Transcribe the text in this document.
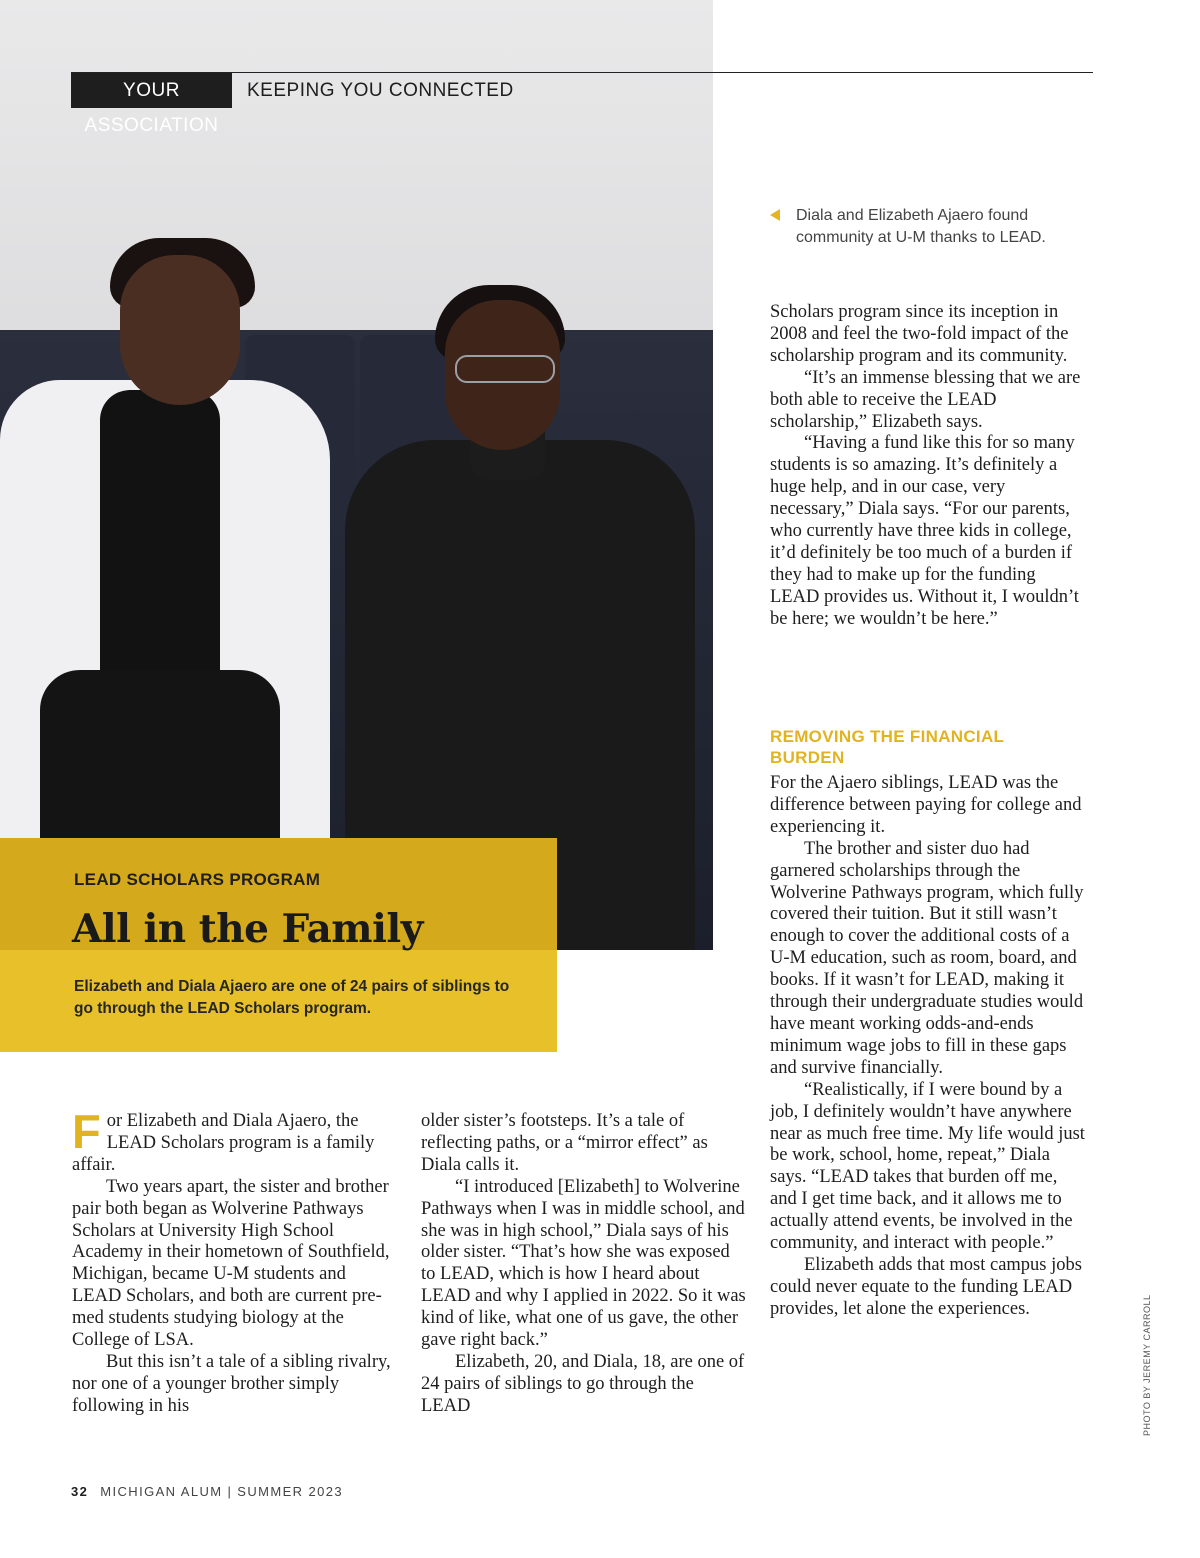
YOUR ASSOCIATION
KEEPING YOU CONNECTED
Diala and Elizabeth Ajaero found community at U-M thanks to LEAD.
LEAD SCHOLARS PROGRAM
All in the Family
Elizabeth and Diala Ajaero are one of 24 pairs of siblings to go through the LEAD Scholars program.
F or Elizabeth and Diala Ajaero, the LEAD Scholars program is a family affair.

Two years apart, the sister and brother pair both began as Wolverine Pathways Scholars at University High School Academy in their hometown of Southfield, Michigan, became U-M students and LEAD Scholars, and both are current pre-med students studying biology at the College of LSA.

But this isn’t a tale of a sibling rivalry, nor one of a younger brother simply following in his

older sister’s footsteps. It’s a tale of reflecting paths, or a “mirror effect” as Diala calls it.

“I introduced [Elizabeth] to Wolverine Pathways when I was in middle school, and she was in high school,” Diala says of his older sister. “That’s how she was exposed to LEAD, which is how I heard about LEAD and why I applied in 2022. So it was kind of like, what one of us gave, the other gave right back.”

Elizabeth, 20, and Diala, 18, are one of 24 pairs of siblings to go through the LEAD

Scholars program since its inception in 2008 and feel the two-fold impact of the scholarship program and its community.

“It’s an immense blessing that we are both able to receive the LEAD scholarship,” Elizabeth says.

“Having a fund like this for so many students is so amazing. It’s definitely a huge help, and in our case, very necessary,” Diala says. “For our parents, who currently have three kids in college, it’d definitely be too much of a burden if they had to make up for the funding LEAD provides us. Without it, I wouldn’t be here; we wouldn’t be here.”

REMOVING THE FINANCIAL BURDEN

For the Ajaero siblings, LEAD was the difference between paying for college and experiencing it.

The brother and sister duo had garnered scholarships through the Wolverine Pathways program, which fully covered their tuition. But it still wasn’t enough to cover the additional costs of a U-M education, such as room, board, and books. If it wasn’t for LEAD, making it through their undergraduate studies would have meant working odds-and-ends minimum wage jobs to fill in these gaps and survive financially.

“Realistically, if I were bound by a job, I definitely wouldn’t have anywhere near as much free time. My life would just be work, school, home, repeat,” Diala says. “LEAD takes that burden off me, and I get time back, and it allows me to actually attend events, be involved in the community, and interact with people.”

Elizabeth adds that most campus jobs could never equate to the funding LEAD provides, let alone the experiences.	PHOTO BY JEREMY CARROLL
32 MICHIGAN ALUM | SUMMER 2023
